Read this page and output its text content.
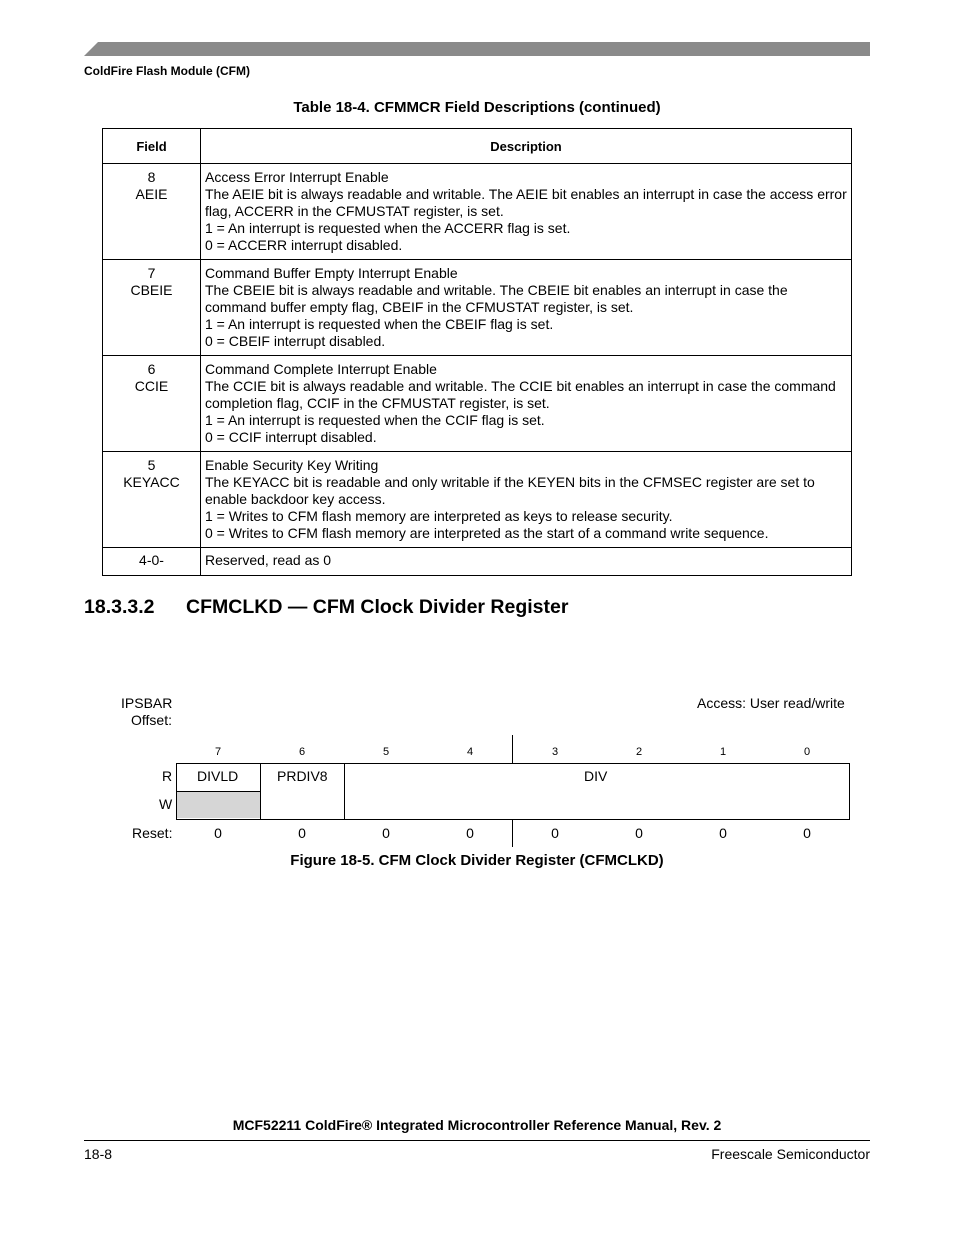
ColdFire Flash Module (CFM)
Table 18-4. CFMMCR Field Descriptions (continued)
Field	Description

8
AEIE	Access Error Interrupt Enable
The AEIE bit is always readable and writable. The AEIE bit enables an interrupt in case the access error flag, ACCERR in the CFMUSTAT register, is set.
1 = An interrupt is requested when the ACCERR flag is set.
0 = ACCERR interrupt disabled.

7
CBEIE	Command Buffer Empty Interrupt Enable
The CBEIE bit is always readable and writable. The CBEIE bit enables an interrupt in case the command buffer empty flag, CBEIF in the CFMUSTAT register, is set.
1 = An interrupt is requested when the CBEIF flag is set.
0 = CBEIF interrupt disabled.

6
CCIE	Command Complete Interrupt Enable
The CCIE bit is always readable and writable. The CCIE bit enables an interrupt in case the command completion flag, CCIF in the CFMUSTAT register, is set.
1 = An interrupt is requested when the CCIF flag is set.
0 = CCIF interrupt disabled.

5
KEYACC	Enable Security Key Writing
The KEYACC bit is readable and only writable if the KEYEN bits in the CFMSEC register are set to enable backdoor key access.
1 = Writes to CFM flash memory are interpreted as keys to release security.
0 = Writes to CFM flash memory are interpreted as the start of a command write sequence.

4-0-	Reserved, read as 0
18.3.3.2 CFMCLKD — CFM Clock Divider Register
IPSBAR
Offset:
Access: User read/write
7	6	5	4	3	2	1	0
R
W
DIVLD	PRDIV8	DIV
Reset:	0	0	0	0	0	0	0	0
Figure 18-5. CFM Clock Divider Register (CFMCLKD)
MCF52211 ColdFire® Integrated Microcontroller Reference Manual, Rev. 2
18-8	Freescale Semiconductor
